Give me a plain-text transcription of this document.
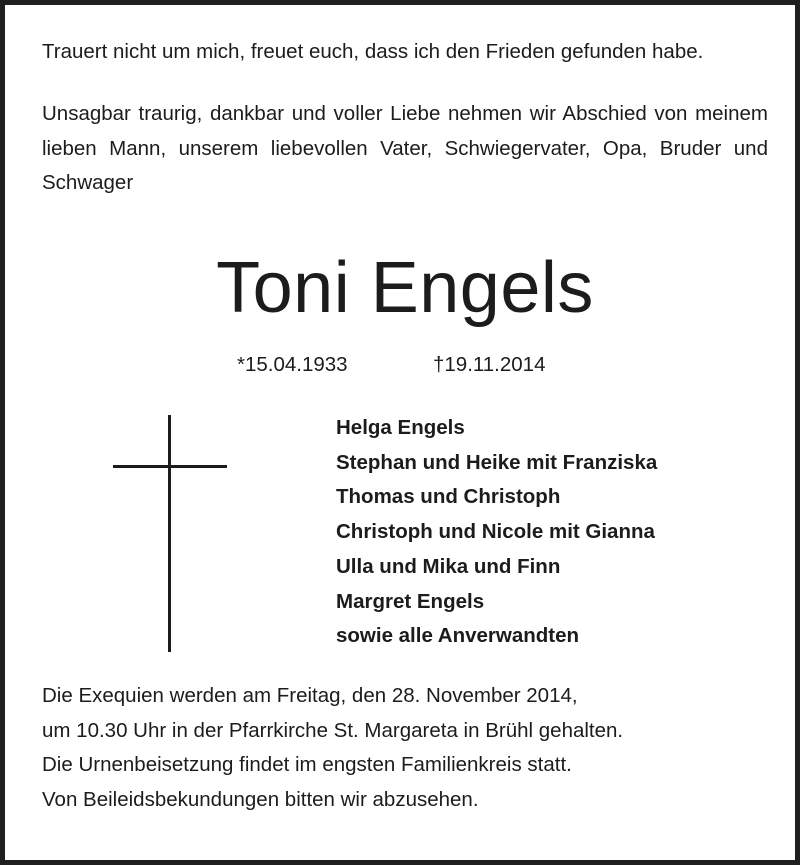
Trauert nicht um mich, freuet euch, dass ich den Frieden gefunden habe.
Unsagbar traurig, dankbar und voller Liebe nehmen wir Abschied von meinem lieben Mann, unserem liebevollen Vater, Schwiegervater, Opa, Bruder und Schwager
Toni Engels
*15.04.1933	†19.11.2014
Helga Engels
Stephan und Heike mit Franziska
Thomas und Christoph
Christoph und Nicole mit Gianna
Ulla und Mika und Finn
Margret Engels
sowie alle Anverwandten
Die Exequien werden am Freitag, den 28. November 2014,
um 10.30 Uhr in der Pfarrkirche St. Margareta in Brühl gehalten.
Die Urnenbeisetzung findet im engsten Familienkreis statt.
Von Beileidsbekundungen bitten wir abzusehen.
